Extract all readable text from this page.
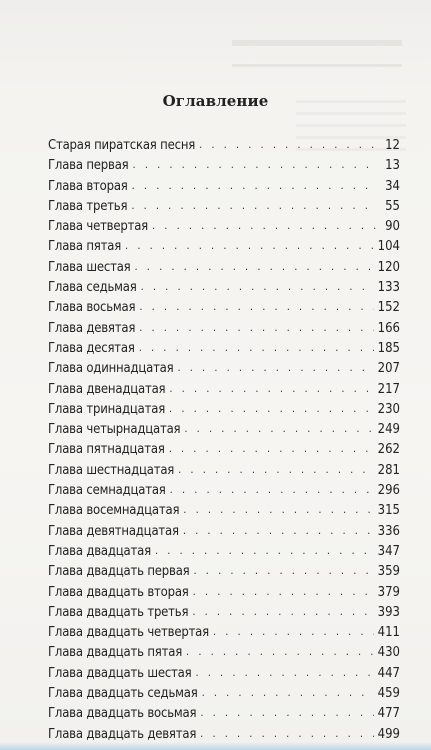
Оглавление
Старая пиратская песня . . .	12
Глава первая . . .	13
Глава вторая . . .	34
Глава третья . . .	55
Глава четвертая . . .	90
Глава пятая . . .	104
Глава шестая . . .	120
Глава седьмая . . .	133
Глава восьмая . . .	152
Глава девятая . . .	166
Глава десятая . . .	185
Глава одиннадцатая . . .	207
Глава двенадцатая . . .	217
Глава тринадцатая . . .	230
Глава четырнадцатая . . .	249
Глава пятнадцатая . . .	262
Глава шестнадцатая . . .	281
Глава семнадцатая . . .	296
Глава восемнадцатая . . .	315
Глава девятнадцатая . . .	336
Глава двадцатая . . .	347
Глава двадцать первая . . .	359
Глава двадцать вторая . . .	379
Глава двадцать третья . . .	393
Глава двадцать четвертая . . .	411
Глава двадцать пятая . . .	430
Глава двадцать шестая . . .	447
Глава двадцать седьмая . . .	459
Глава двадцать восьмая . . .	477
Глава двадцать девятая . . .	499
